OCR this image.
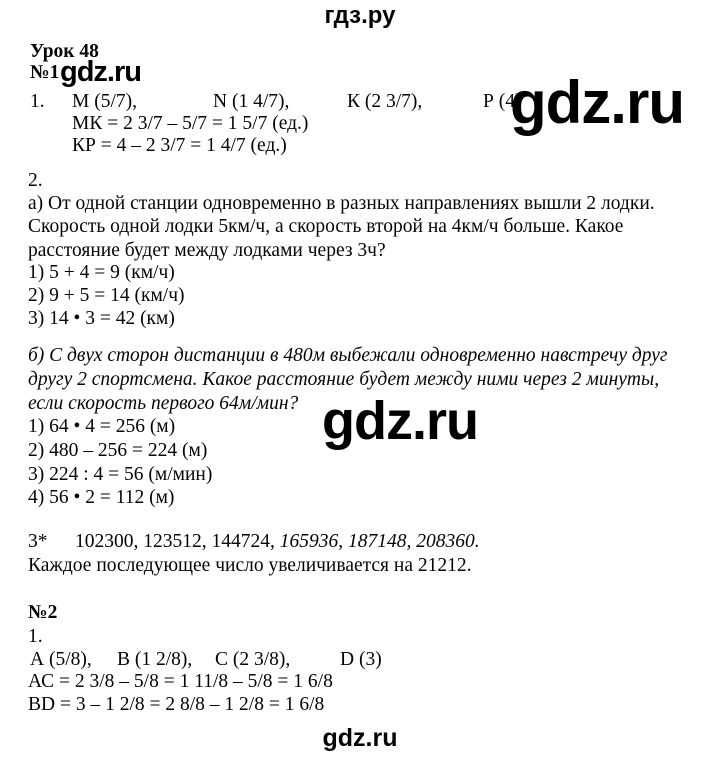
гдз.ру
Урок 48
№1 gdz.ru
1. М (5/7),	N (1 4/7),	К (2 3/7),	Р (4)
gdz.ru
МК = 2 3/7 – 5/7 = 1 5/7 (ед.)
КР = 4 – 2 3/7 = 1 4/7 (ед.)
2.
а) От одной станции одновременно в разных направлениях вышли 2 лодки.
Скорость одной лодки 5км/ч, а скорость второй на 4км/ч больше. Какое
расстояние будет между лодками через 3ч?
1) 5 + 4 = 9 (км/ч)
2) 9 + 5 = 14 (км/ч)
3) 14 • 3 = 42 (км)
б) С двух сторон дистанции в 480м выбежали одновременно навстречу друг
другу 2 спортсмена. Какое расстояние будет между ними через 2 минуты,
если скорость первого 64м/мин? gdz.ru
1) 64 • 4 = 256 (м)
2) 480 – 256 = 224 (м)
3) 224 : 4 = 56 (м/мин)
4) 56 • 2 = 112 (м)
3* 102300, 123512, 144724, 165936, 187148, 208360.
Каждое последующее число увеличивается на 21212.
№2
1.
А (5/8), В (1 2/8), С (2 3/8),	D (3)
АС = 2 3/8 – 5/8 = 1 11/8 – 5/8 = 1 6/8
BD = 3 – 1 2/8 = 2 8/8 – 1 2/8 = 1 6/8
gdz.ru
